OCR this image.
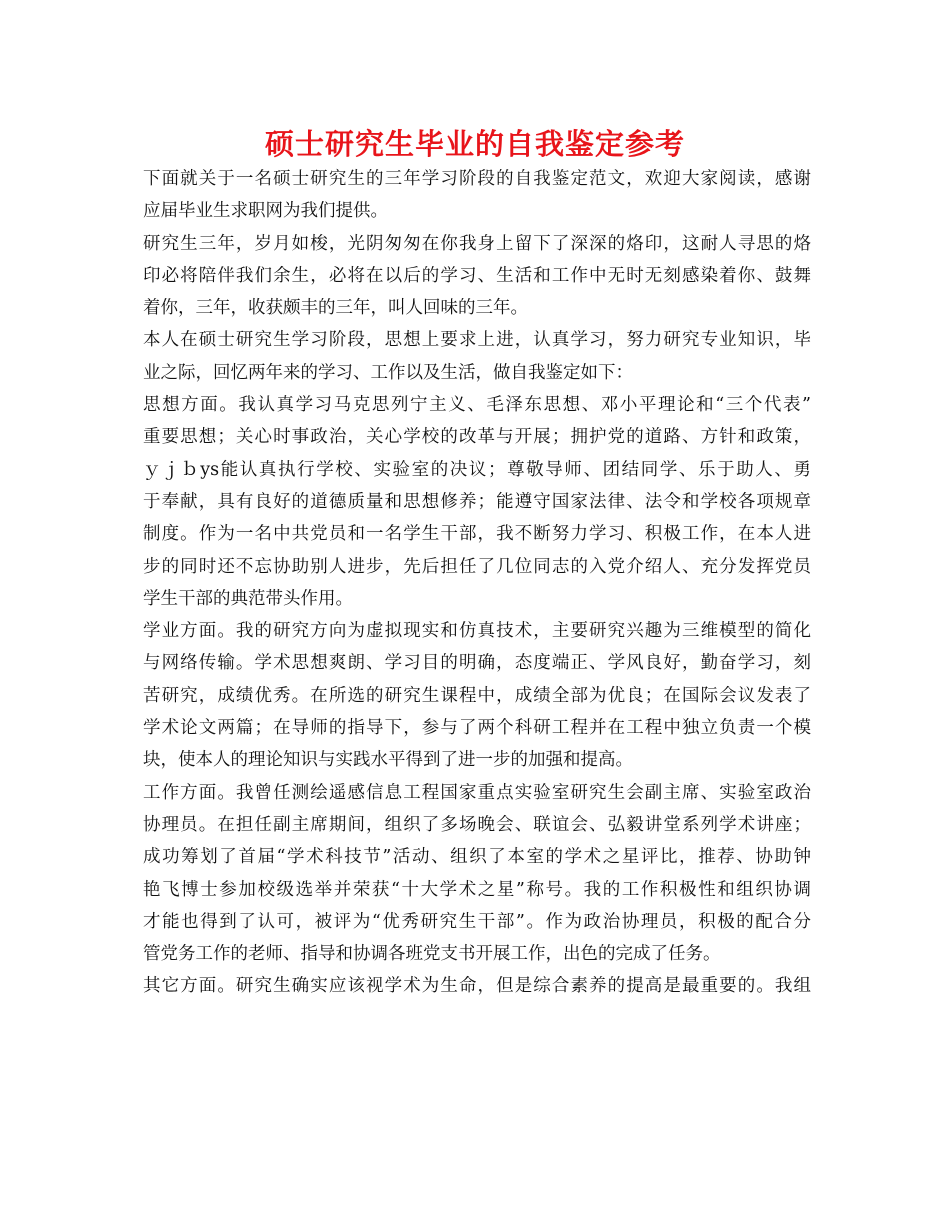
硕士研究生毕业的自我鉴定参考
下面就关于一名硕士研究生的三年学习阶段的自我鉴定范文，欢迎大家阅读，感谢
应届毕业生求职网为我们提供。
研究生三年，岁月如梭，光阴匆匆在你我身上留下了深深的烙印，这耐人寻思的烙
印必将陪伴我们余生，必将在以后的学习、生活和工作中无时无刻感染着你、鼓舞
着你，三年，收获颇丰的三年，叫人回味的三年。
本人在硕士研究生学习阶段，思想上要求上进，认真学习，努力研究专业知识，毕
业之际，回忆两年来的学习、工作以及生活，做自我鉴定如下：
思想方面。我认真学习马克思列宁主义、毛泽东思想、邓小平理论和“三个代表”
重要思想；关心时事政治，关心学校的改革与开展；拥护党的道路、方针和政策，
ｙｊｂys能认真执行学校、实验室的决议；尊敬导师、团结同学、乐于助人、勇
于奉献，具有良好的道德质量和思想修养；能遵守国家法律、法令和学校各项规章
制度。作为一名中共党员和一名学生干部，我不断努力学习、积极工作，在本人进
步的同时还不忘协助别人进步，先后担任了几位同志的入党介绍人、充分发挥党员
学生干部的典范带头作用。
学业方面。我的研究方向为虚拟现实和仿真技术，主要研究兴趣为三维模型的简化
与网络传输。学术思想爽朗、学习目的明确，态度端正、学风良好，勤奋学习，刻
苦研究，成绩优秀。在所选的研究生课程中，成绩全部为优良；在国际会议发表了
学术论文两篇；在导师的指导下，参与了两个科研工程并在工程中独立负责一个模
块，使本人的理论知识与实践水平得到了进一步的加强和提高。
工作方面。我曾任测绘遥感信息工程国家重点实验室研究生会副主席、实验室政治
协理员。在担任副主席期间，组织了多场晚会、联谊会、弘毅讲堂系列学术讲座；
成功筹划了首届“学术科技节”活动、组织了本室的学术之星评比，推荐、协助钟
艳飞博士参加校级选举并荣获“十大学术之星”称号。我的工作积极性和组织协调
才能也得到了认可，被评为“优秀研究生干部”。作为政治协理员，积极的配合分
管党务工作的老师、指导和协调各班党支书开展工作，出色的完成了任务。
其它方面。研究生确实应该视学术为生命，但是综合素养的提高是最重要的。我组
